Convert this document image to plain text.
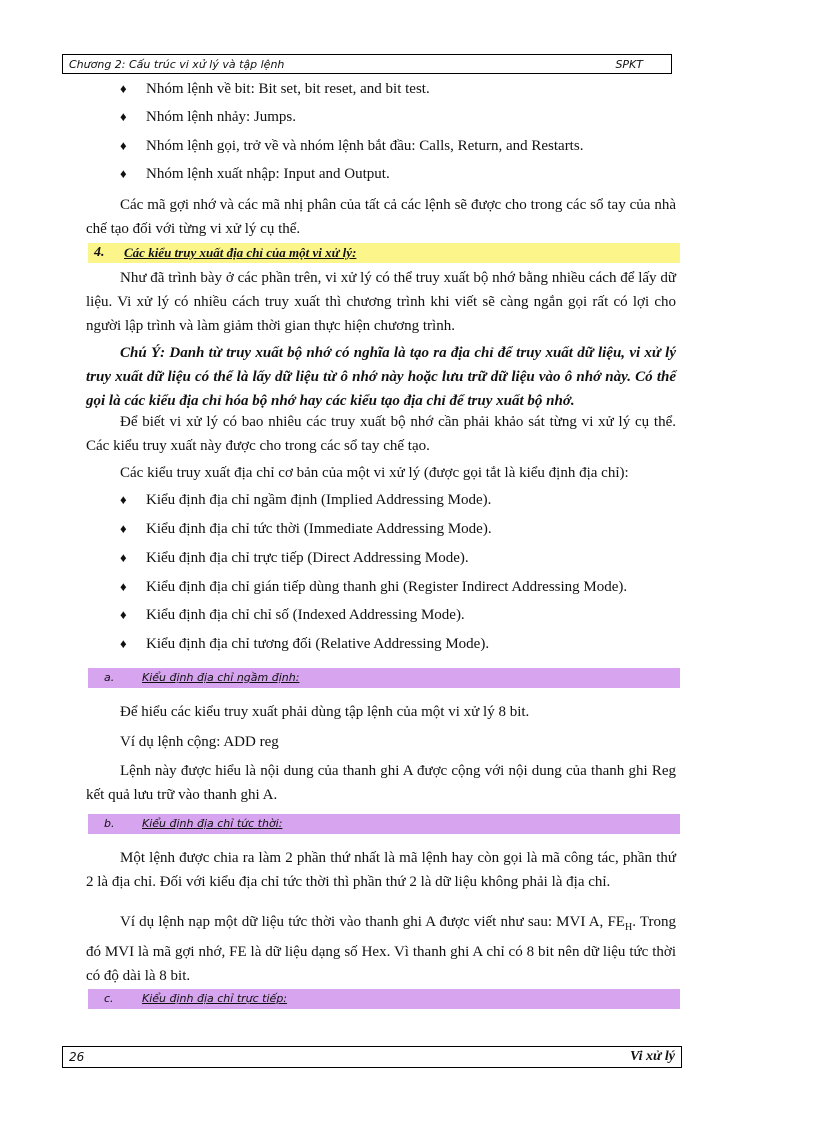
Chương 2: Cấu trúc vi xử lý và tập lệnh	SPKT
♦ Nhóm lệnh về bit: Bit set, bit reset, and bit test.
♦ Nhóm lệnh nhảy: Jumps.
♦ Nhóm lệnh gọi, trở về và nhóm lệnh bắt đầu: Calls, Return, and Restarts.
♦ Nhóm lệnh xuất nhập: Input and Output.
Các mã gợi nhớ và các mã nhị phân của tất cả các lệnh sẽ được cho trong các sổ tay của nhà chế tạo đối với từng vi xử lý cụ thể.
4. Các kiểu truy xuất địa chỉ của một vi xử lý:
Như đã trình bày ở các phần trên, vi xử lý có thể truy xuất bộ nhớ bằng nhiều cách để lấy dữ liệu. Vi xử lý có nhiều cách truy xuất thì chương trình khi viết sẽ càng ngắn gọi rất có lợi cho người lập trình và làm giảm thời gian thực hiện chương trình.
Chú Ý: Danh từ truy xuất bộ nhớ có nghĩa là tạo ra địa chỉ để truy xuất dữ liệu, vi xử lý truy xuất dữ liệu có thể là lấy dữ liệu từ ô nhớ này hoặc lưu trữ dữ liệu vào ô nhớ này. Có thể gọi là các kiểu địa chỉ hóa bộ nhớ hay các kiểu tạo địa chỉ để truy xuất bộ nhớ.
Để biết vi xử lý có bao nhiêu các truy xuất bộ nhớ cần phải khảo sát từng vi xử lý cụ thể. Các kiểu truy xuất này được cho trong các sổ tay chế tạo.
Các kiểu truy xuất địa chỉ cơ bản của một vi xử lý (được gọi tắt là kiểu định địa chỉ):
♦ Kiểu định địa chỉ ngầm định (Implied Addressing Mode).
♦ Kiểu định địa chỉ tức thời (Immediate Addressing Mode).
♦ Kiểu định địa chỉ trực tiếp (Direct Addressing Mode).
♦ Kiểu định địa chỉ gián tiếp dùng thanh ghi (Register Indirect Addressing Mode).
♦ Kiểu định địa chỉ chỉ số (Indexed Addressing Mode).
♦ Kiểu định địa chỉ tương đối (Relative Addressing Mode).
a.	Kiểu định địa chỉ ngầm định:
Để hiểu các kiểu truy xuất phải dùng tập lệnh của một vi xử lý 8 bit.
Ví dụ lệnh cộng: ADD reg
Lệnh này được hiểu là nội dung của thanh ghi A được cộng với nội dung của thanh ghi Reg kết quả lưu trữ vào thanh ghi A.
b.	Kiểu định địa chỉ tức thời:
Một lệnh được chia ra làm 2 phần thứ nhất là mã lệnh hay còn gọi là mã công tác, phần thứ 2 là địa chỉ. Đối với kiểu địa chỉ tức thời thì phần thứ 2 là dữ liệu không phải là địa chỉ.
Ví dụ lệnh nạp một dữ liệu tức thời vào thanh ghi A được viết như sau: MVI A, $FE_H$. Trong đó MVI là mã gợi nhớ, FE là dữ liệu dạng số Hex. Vì thanh ghi A chỉ có 8 bit nên dữ liệu tức thời có độ dài là 8 bit.
c.	Kiểu định địa chỉ trực tiếp:
26	Vi xử lý
